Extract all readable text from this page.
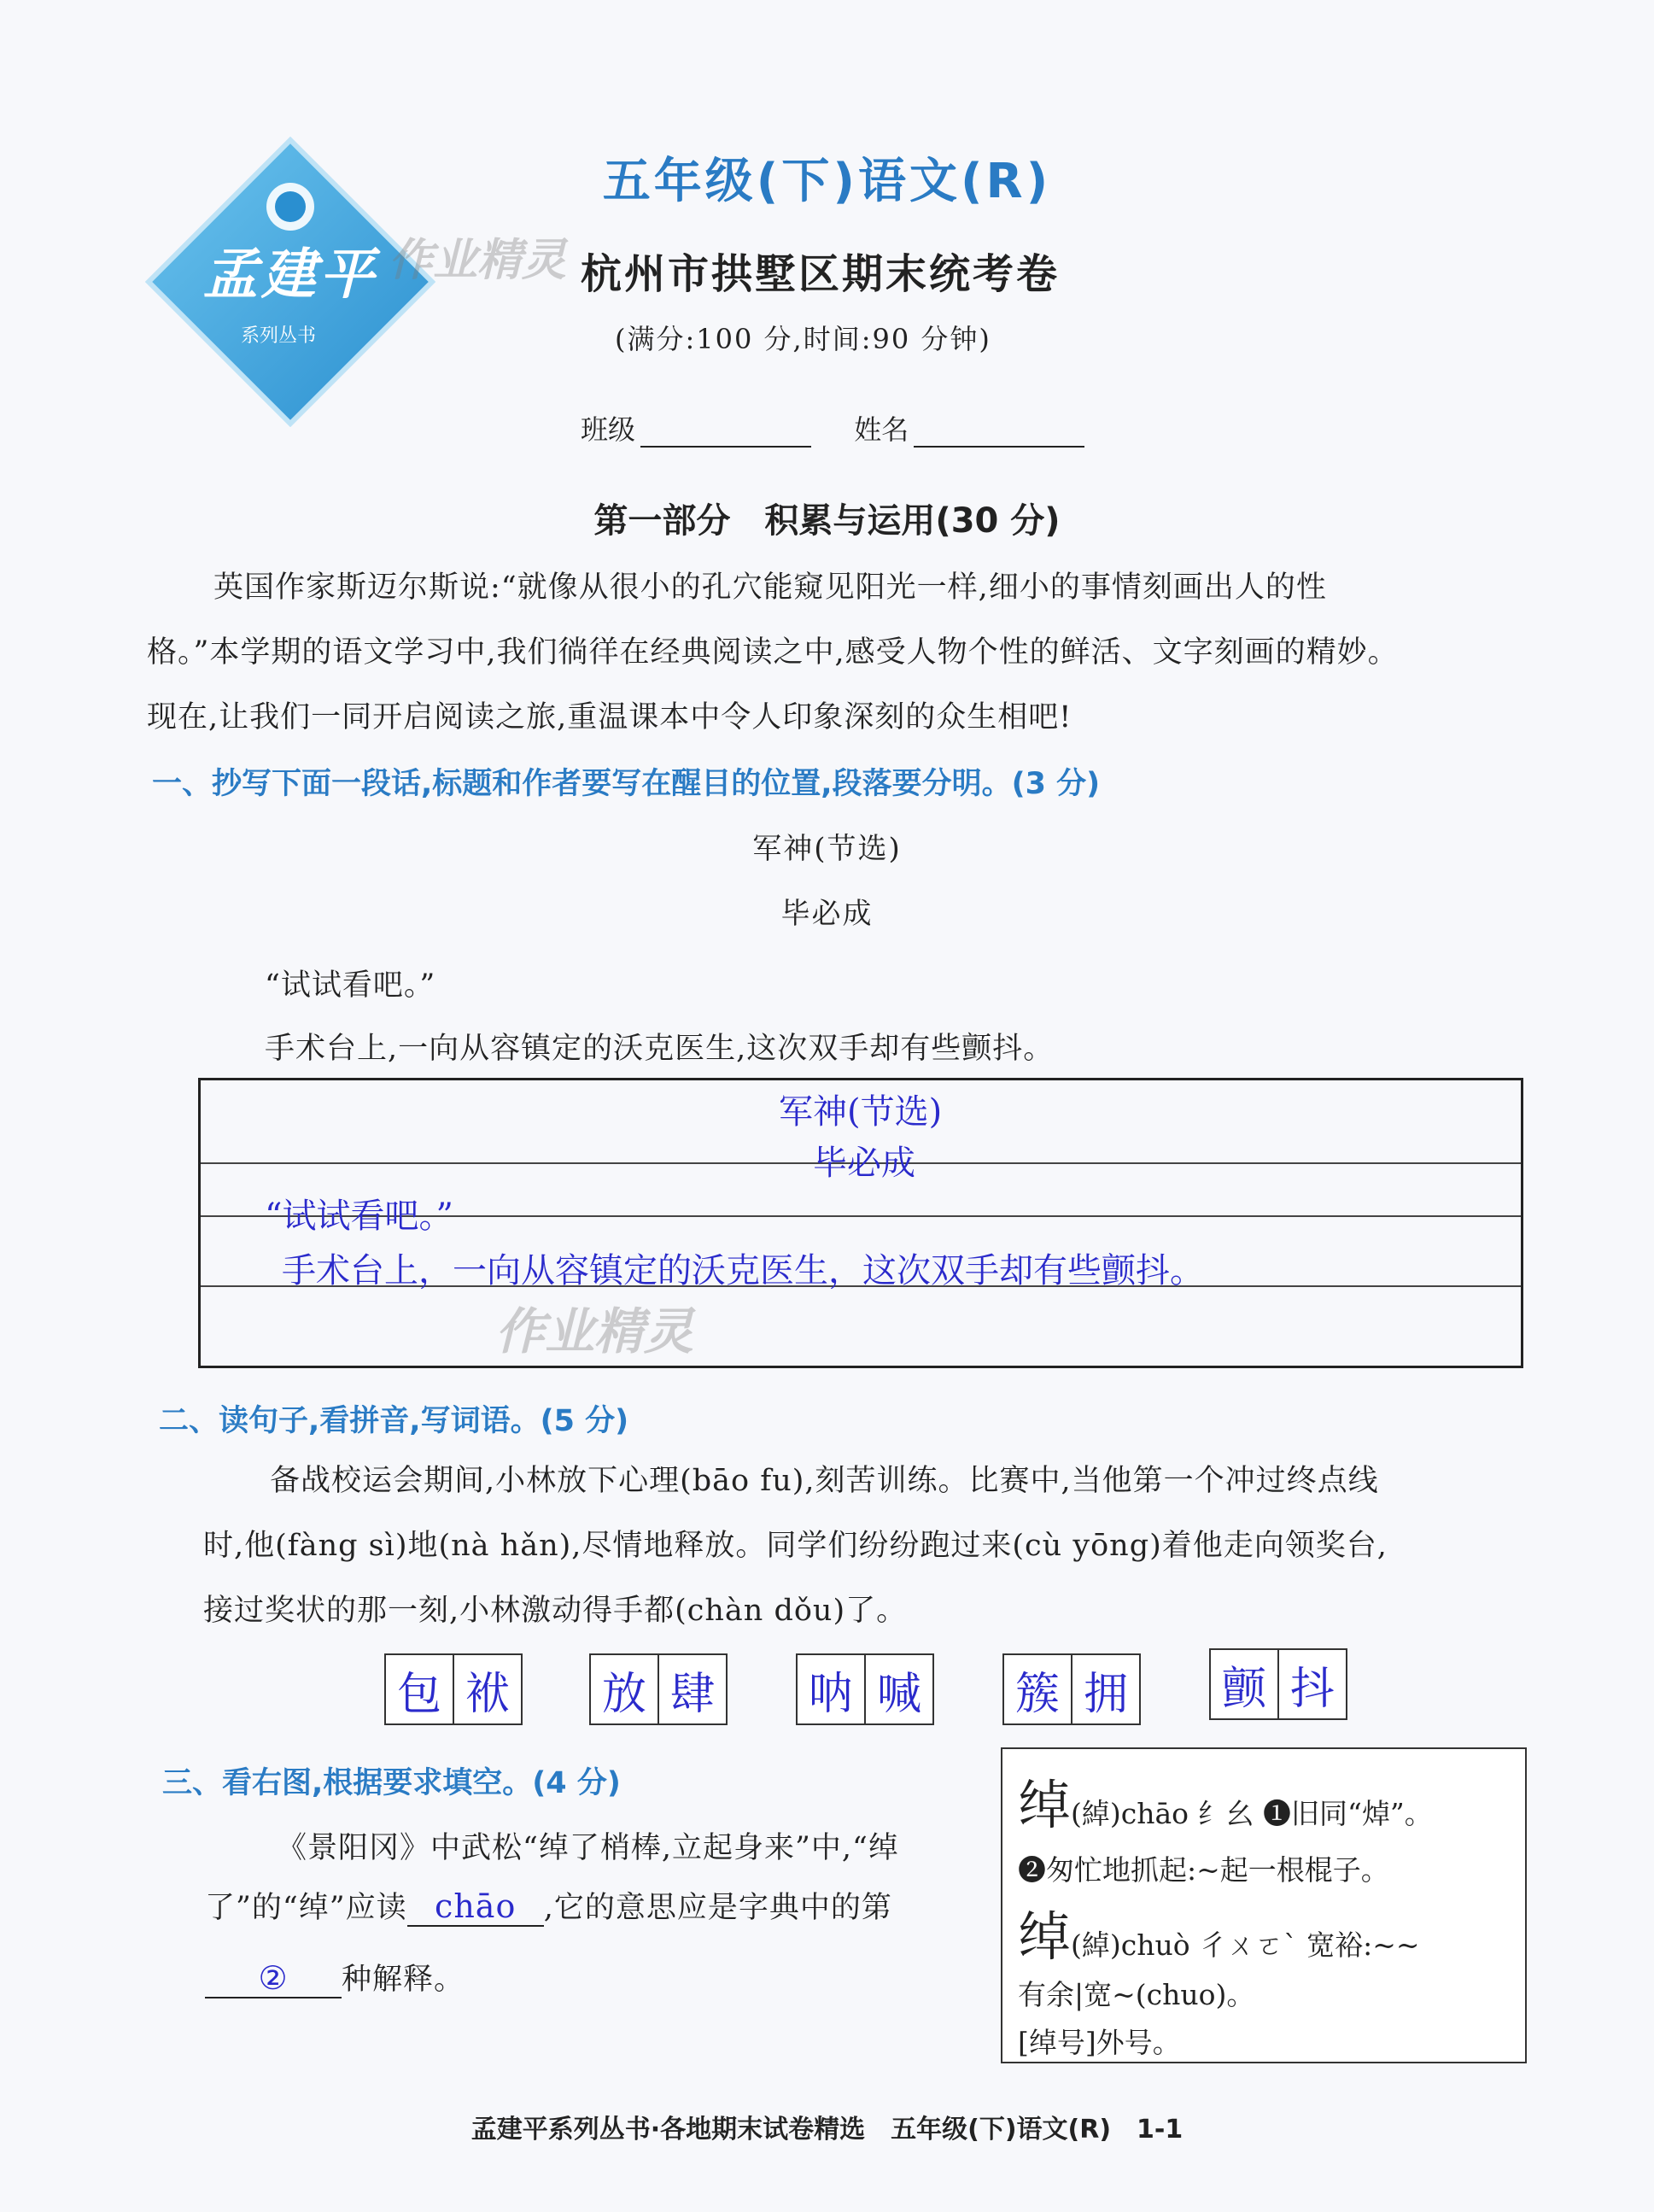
孟建平
系列丛书
作业精灵
五年级(下)语文(R)
杭州市拱墅区期末统考卷
(满分:100 分,时间:90 分钟)
班级	姓名
第一部分　积累与运用(30 分)
英国作家斯迈尔斯说:“就像从很小的孔穴能窥见阳光一样,细小的事情刻画出人的性
格。”本学期的语文学习中,我们徜徉在经典阅读之中,感受人物个性的鲜活、文字刻画的精妙。
现在,让我们一同开启阅读之旅,重温课本中令人印象深刻的众生相吧!
一、抄写下面一段话,标题和作者要写在醒目的位置,段落要分明。(3 分)
军神(节选)
毕必成
“试试看吧。”
手术台上,一向从容镇定的沃克医生,这次双手却有些颤抖。
军神(节选)
毕必成
“试试看吧。”
手术台上，一向从容镇定的沃克医生，这次双手却有些颤抖。
作业精灵
二、读句子,看拼音,写词语。(5 分)
备战校运会期间,小林放下心理(bāo fu),刻苦训练。比赛中,当他第一个冲过终点线
时,他(fàng sì)地(nà hǎn),尽情地释放。同学们纷纷跑过来(cù yōng)着他走向领奖台,
接过奖状的那一刻,小林激动得手都(chàn dǒu)了。
包 袱 放 肆 呐 喊 簇 拥 颤 抖
三、看右图,根据要求填空。(4 分)
《景阳冈》中武松“绰了梢棒,立起身来”中,“绰
了”的“绰”应读 chāo ,它的意思应是字典中的第
② 种解释。
绰(綽)chāo 纟幺 ❶旧同“焯”。
❷匆忙地抓起:~起一根棍子。
绰(綽)chuò 彳ㄨㄛˋ 宽裕:~~
有余|宽~(chuo)。
[绰号]外号。
孟建平系列丛书·各地期末试卷精选　五年级(下)语文(R)　1-1
